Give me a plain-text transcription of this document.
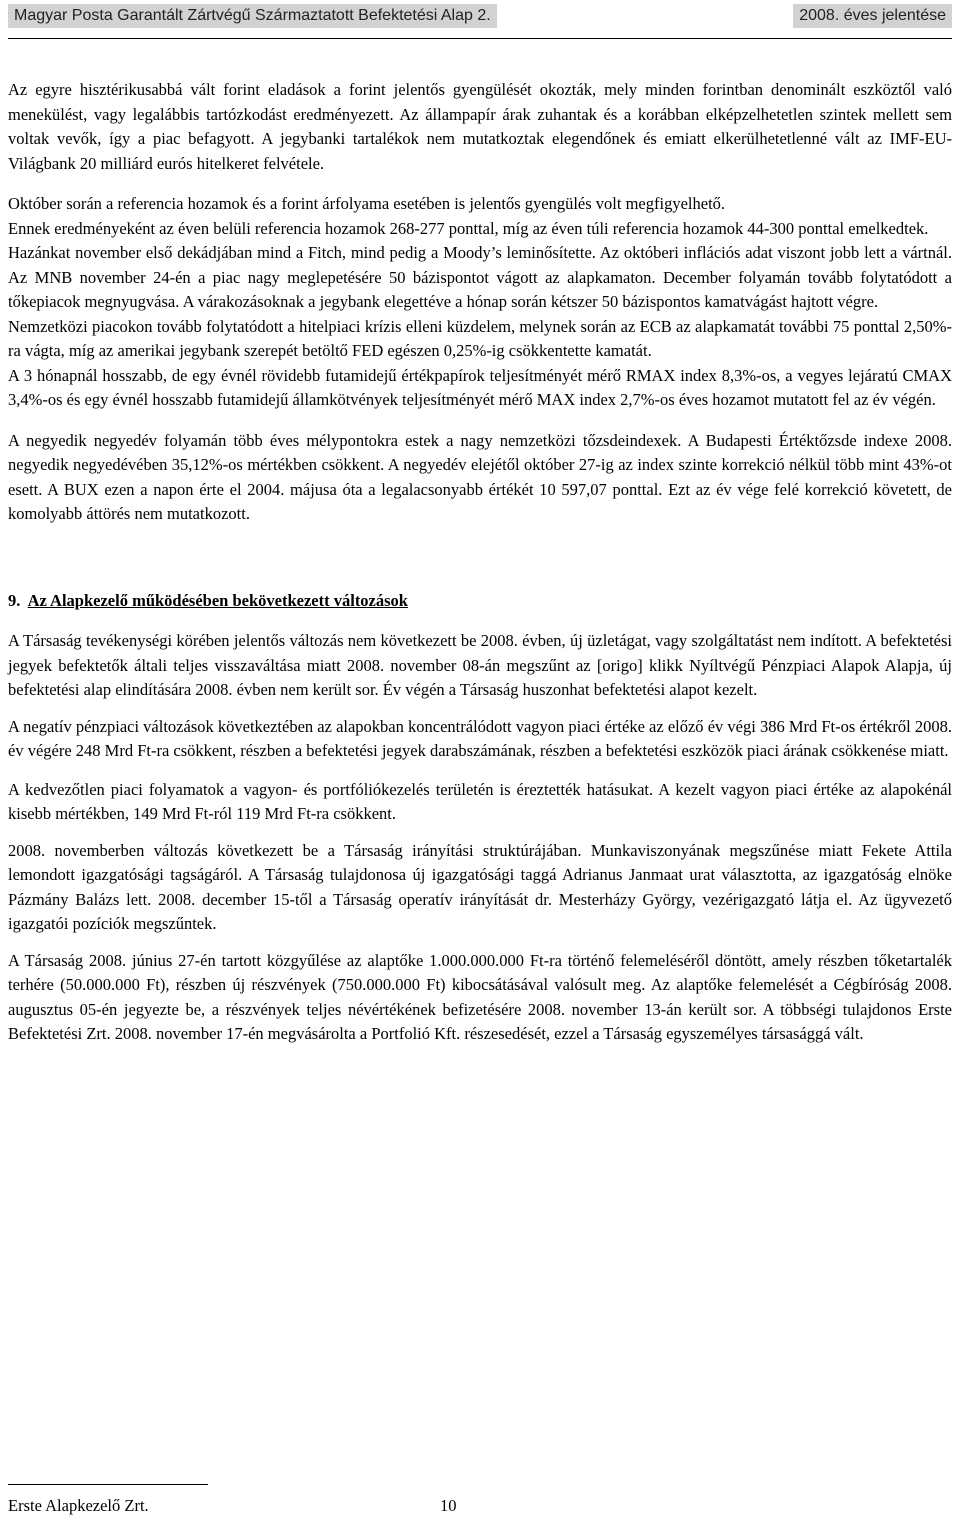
Magyar Posta Garantált Zártvégű Származtatott Befektetési Alap 2.	2008. éves jelentése

Az egyre hisztérikusabbá vált forint eladások a forint jelentős gyengülését okozták, mely minden forintban denominált eszköztől való menekülést, vagy legalábbis tartózkodást eredményezett. Az állampapír árak zuhantak és a korábban elképzelhetetlen szintek mellett sem voltak vevők, így a piac befagyott. A jegybanki tartalékok nem mutatkoztak elegendőnek és emiatt elkerülhetetlenné vált az IMF-EU-Világbank 20 milliárd eurós hitelkeret felvétele.

Október során a referencia hozamok és a forint árfolyama esetében is jelentős gyengülés volt megfigyelhető.

Ennek eredményeként az éven belüli referencia hozamok 268-277 ponttal, míg az éven túli referencia hozamok 44-300 ponttal emelkedtek.

Hazánkat november első dekádjában mind a Fitch, mind pedig a Moody’s leminősítette. Az októberi inflációs adat viszont jobb lett a vártnál. Az MNB november 24-én a piac nagy meglepetésére 50 bázispontot vágott az alapkamaton. December folyamán tovább folytatódott a tőkepiacok megnyugvása. A várakozásoknak a jegybank elegettéve a hónap során kétszer 50 bázispontos kamatvágást hajtott végre.

Nemzetközi piacokon tovább folytatódott a hitelpiaci krízis elleni küzdelem, melynek során az ECB az alapkamatát további 75 ponttal 2,50%-ra vágta, míg az amerikai jegybank szerepét betöltő FED egészen 0,25%-ig csökkentette kamatát.

A 3 hónapnál hosszabb, de egy évnél rövidebb futamidejű értékpapírok teljesítményét mérő RMAX index 8,3%-os, a vegyes lejáratú CMAX 3,4%-os és egy évnél hosszabb futamidejű államkötvények teljesítményét mérő MAX index 2,7%-os éves hozamot mutatott fel az év végén.

A negyedik negyedév folyamán több éves mélypontokra estek a nagy nemzetközi tőzsdeindexek. A Budapesti Értéktőzsde indexe 2008. negyedik negyedévében 35,12%-os mértékben csökkent. A negyedév elejétől október 27-ig az index szinte korrekció nélkül több mint 43%-ot esett. A BUX ezen a napon érte el 2004. májusa óta a legalacsonyabb értékét 10 597,07 ponttal. Ezt az év vége felé korrekció követett, de komolyabb áttörés nem mutatkozott.

9. Az Alapkezelő működésében bekövetkezett változások

A Társaság tevékenységi körében jelentős változás nem következett be 2008. évben, új üzletágat, vagy szolgáltatást nem indított. A befektetési jegyek befektetők általi teljes visszaváltása miatt 2008. november 08-án megszűnt az [origo] klikk Nyíltvégű Pénzpiaci Alapok Alapja, új befektetési alap elindítására 2008. évben nem került sor. Év végén a Társaság huszonhat befektetési alapot kezelt.

A negatív pénzpiaci változások következtében az alapokban koncentrálódott vagyon piaci értéke az előző év végi 386 Mrd Ft-os értékről 2008. év végére 248 Mrd Ft-ra csökkent, részben a befektetési jegyek darabszámának, részben a befektetési eszközök piaci árának csökkenése miatt.

A kedvezőtlen piaci folyamatok a vagyon- és portfóliókezelés területén is éreztették hatásukat. A kezelt vagyon piaci értéke az alapokénál kisebb mértékben, 149 Mrd Ft-ról 119 Mrd Ft-ra csökkent.

2008. novemberben változás következett be a Társaság irányítási struktúrájában. Munkaviszonyának megszűnése miatt Fekete Attila lemondott igazgatósági tagságáról. A Társaság tulajdonosa új igazgatósági taggá Adrianus Janmaat urat választotta, az igazgatóság elnöke Pázmány Balázs lett. 2008. december 15-től a Társaság operatív irányítását dr. Mesterházy György, vezérigazgató látja el. Az ügyvezető igazgatói pozíciók megszűntek.

A Társaság 2008. június 27-én tartott közgyűlése az alaptőke 1.000.000.000 Ft-ra történő felemeléséről döntött, amely részben tőketartalék terhére (50.000.000 Ft), részben új részvények (750.000.000 Ft) kibocsátásával valósult meg. Az alaptőke felemelését a Cégbíróság 2008. augusztus 05-én jegyezte be, a részvények teljes névértékének befizetésére 2008. november 13-án került sor. A többségi tulajdonos Erste Befektetési Zrt. 2008. november 17-én megvásárolta a Portfolió Kft. részesedését, ezzel a Társaság egyszemélyes társasággá vált.

Erste Alapkezelő Zrt.	10
